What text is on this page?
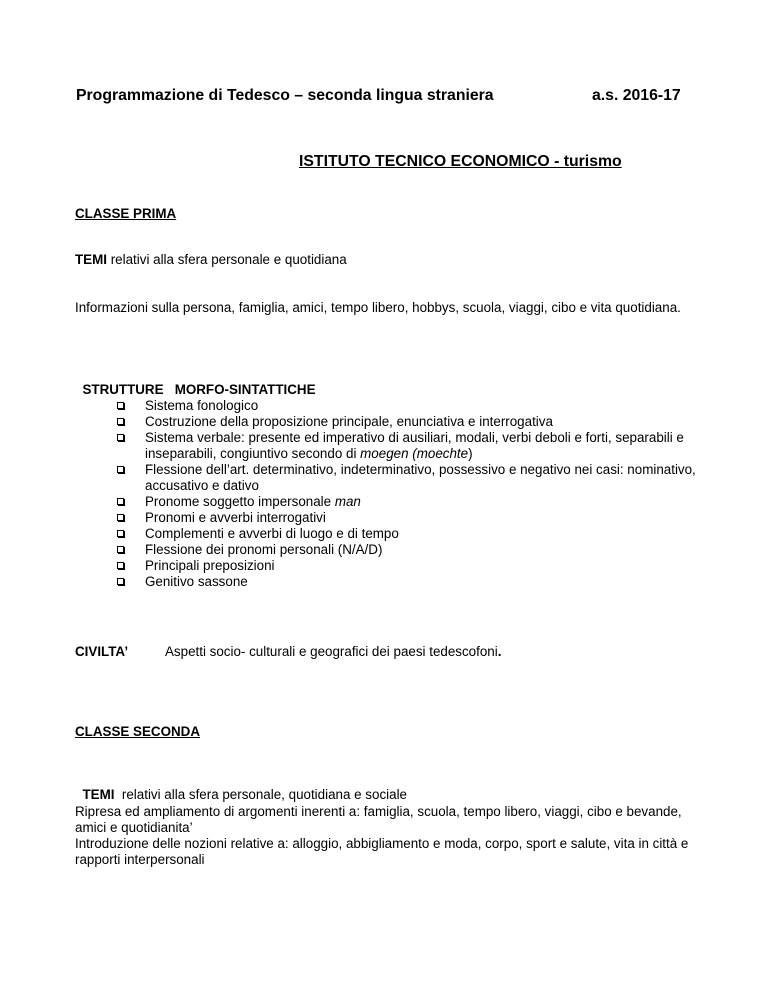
Programmazione di Tedesco – seconda lingua straniera	a.s. 2016-17
ISTITUTO TECNICO ECONOMICO - turismo
CLASSE PRIMA
TEMI relativi alla sfera personale e quotidiana
Informazioni sulla persona, famiglia, amici, tempo libero, hobbys, scuola, viaggi, cibo e vita quotidiana.

STRUTTURE   MORFO-SINTATTICHE

Sistema fonologico
Costruzione della proposizione principale, enunciativa e interrogativa
Sistema verbale: presente ed imperativo di ausiliari, modali, verbi deboli e forti, separabili e inseparabili, congiuntivo secondo di moegen (moechte)
Flessione dell’art. determinativo, indeterminativo, possessivo e negativo nei casi: nominativo, accusativo e dativo
Pronome soggetto impersonale man
Pronomi e avverbi interrogativi
Complementi e avverbi di luogo e di tempo
Flessione dei pronomi personali (N/A/D)
Principali preposizioni
Genitivo sassone
CIVILTA’	Aspetti socio- culturali e geografici dei paesi tedescofoni.
CLASSE SECONDA

TEMI  relativi alla sfera personale, quotidiana e sociale

Ripresa ed ampliamento di argomenti inerenti a: famiglia, scuola, tempo libero, viaggi, cibo e bevande, amici e quotidianita’
Introduzione delle nozioni relative a: alloggio, abbigliamento e moda, corpo, sport e salute, vita in città e rapporti interpersonali
